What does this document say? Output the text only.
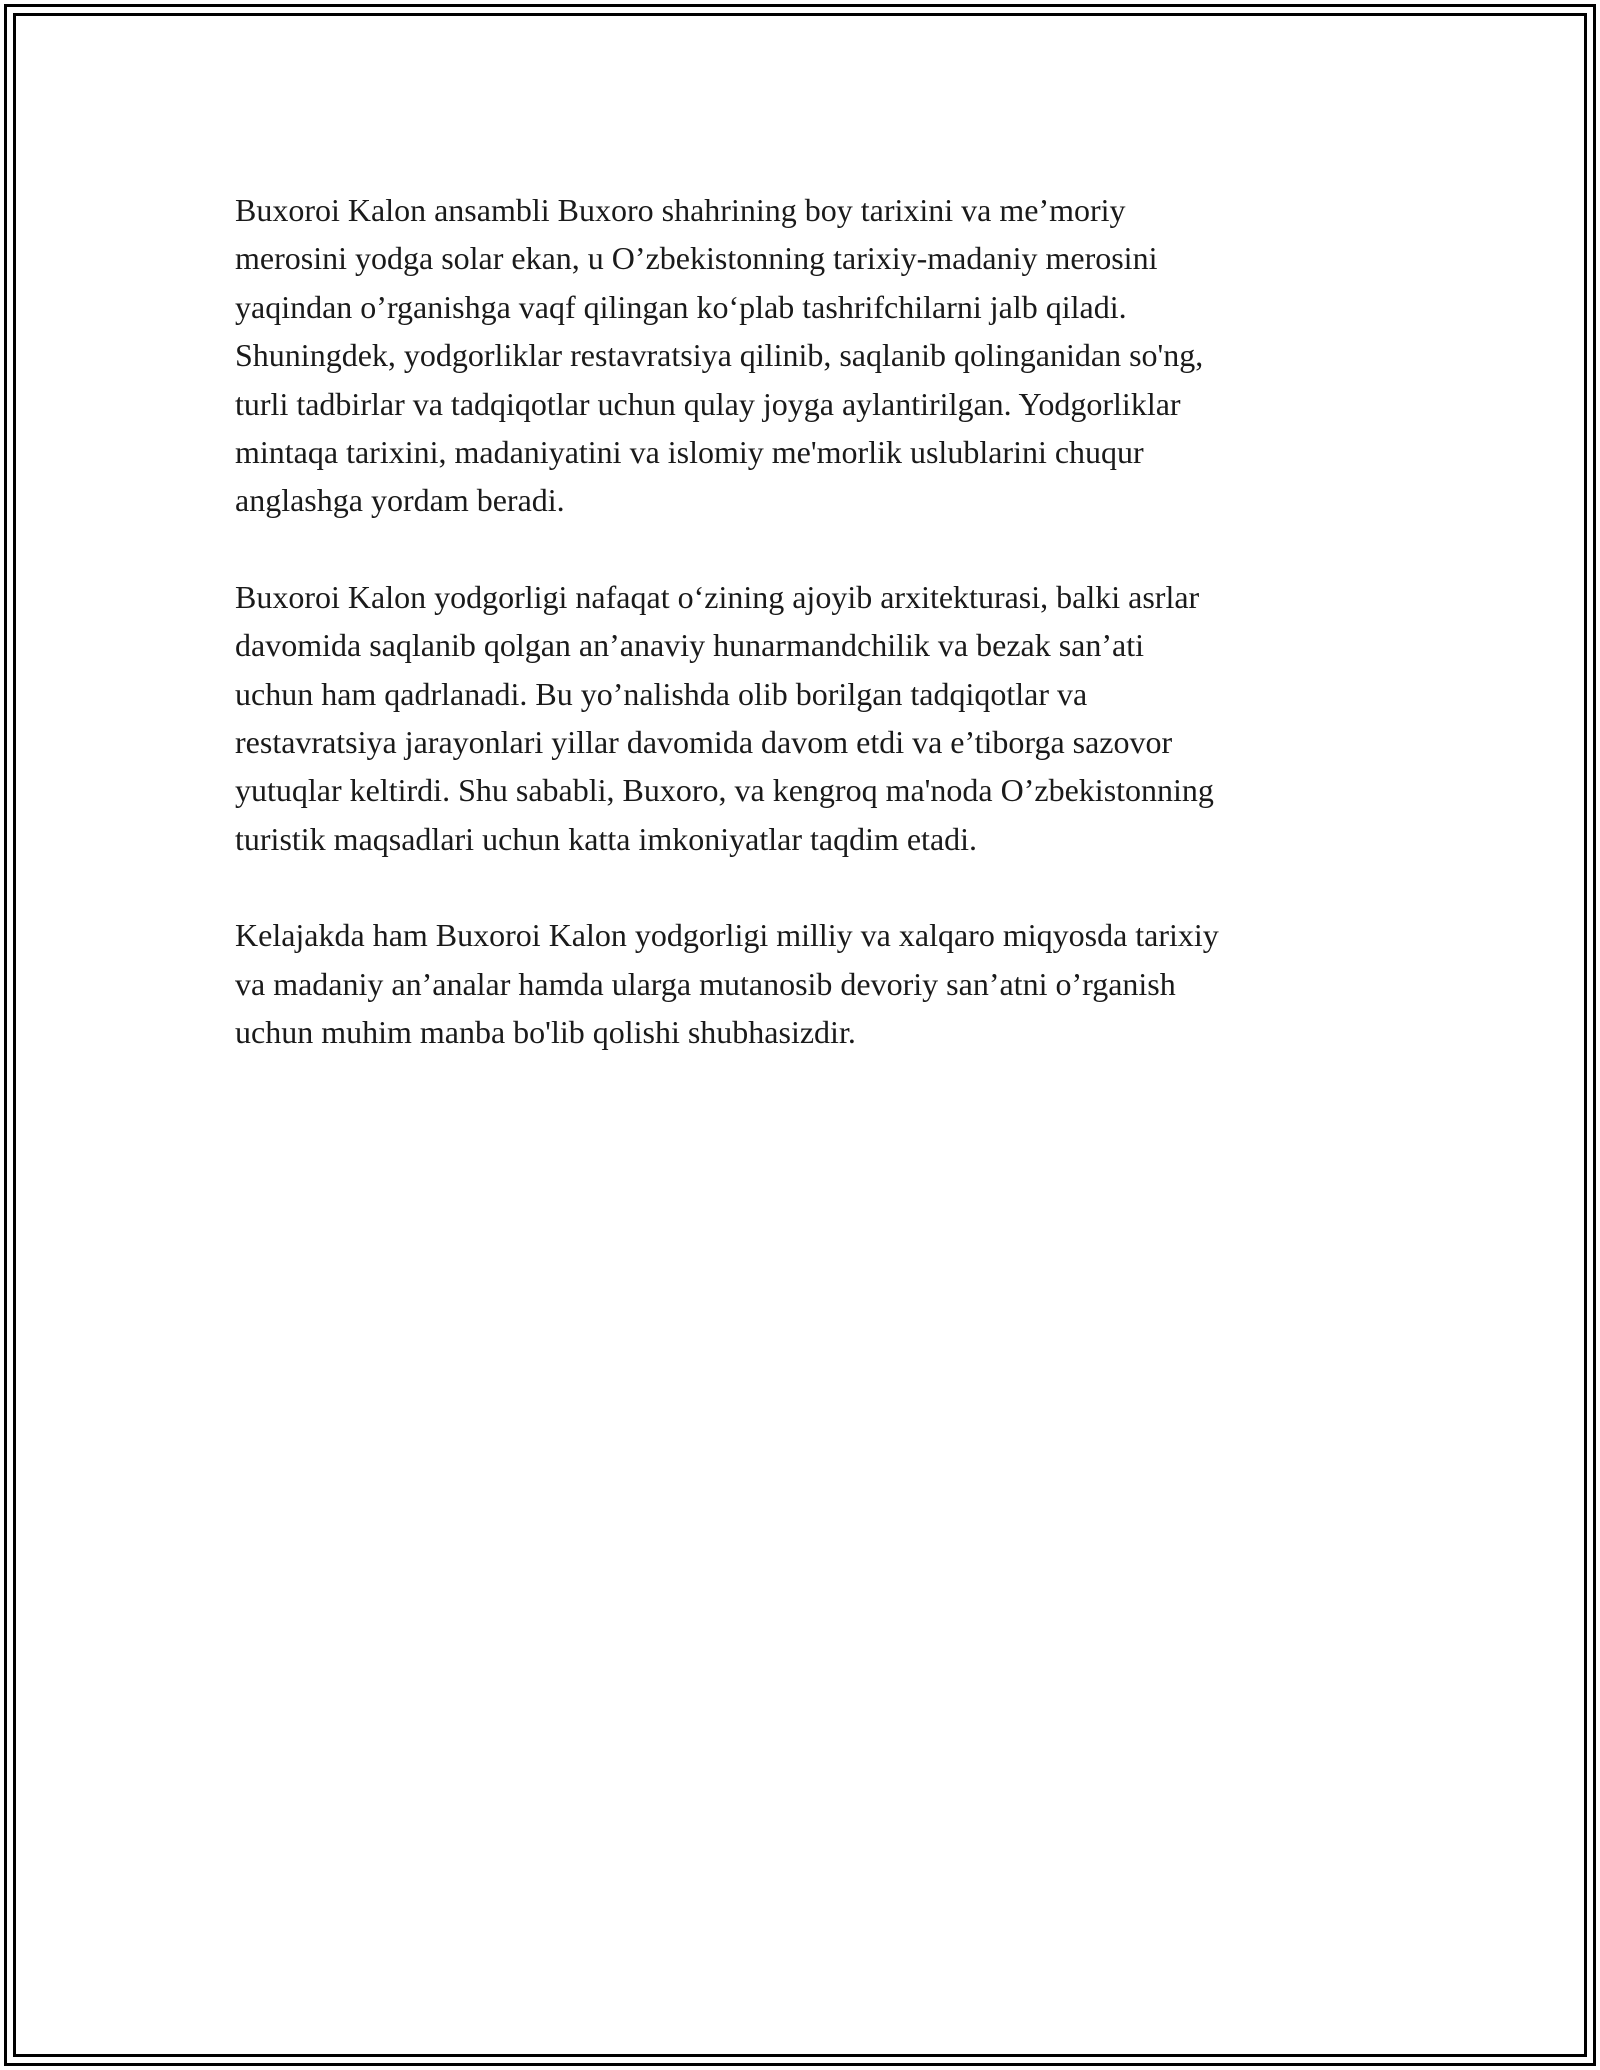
Buxoroi Kalon ansambli Buxoro shahrining boy tarixini va me’moriy
merosini yodga solar ekan, u O’zbekistonning tarixiy-madaniy merosini
yaqindan o’rganishga vaqf qilingan ko‘plab tashrifchilarni jalb qiladi.
Shuningdek, yodgorliklar restavratsiya qilinib, saqlanib qolinganidan so'ng,
turli tadbirlar va tadqiqotlar uchun qulay joyga aylantirilgan. Yodgorliklar
mintaqa tarixini, madaniyatini va islomiy me'morlik uslublarini chuqur
anglashga yordam beradi.

Buxoroi Kalon yodgorligi nafaqat o‘zining ajoyib arxitekturasi, balki asrlar
davomida saqlanib qolgan an’anaviy hunarmandchilik va bezak san’ati
uchun ham qadrlanadi. Bu yo’nalishda olib borilgan tadqiqotlar va
restavratsiya jarayonlari yillar davomida davom etdi va e’tiborga sazovor
yutuqlar keltirdi. Shu sababli, Buxoro, va kengroq ma'noda O’zbekistonning
turistik maqsadlari uchun katta imkoniyatlar taqdim etadi.

Kelajakda ham Buxoroi Kalon yodgorligi milliy va xalqaro miqyosda tarixiy
va madaniy an’analar hamda ularga mutanosib devoriy san’atni o’rganish
uchun muhim manba bo'lib qolishi shubhasizdir.
